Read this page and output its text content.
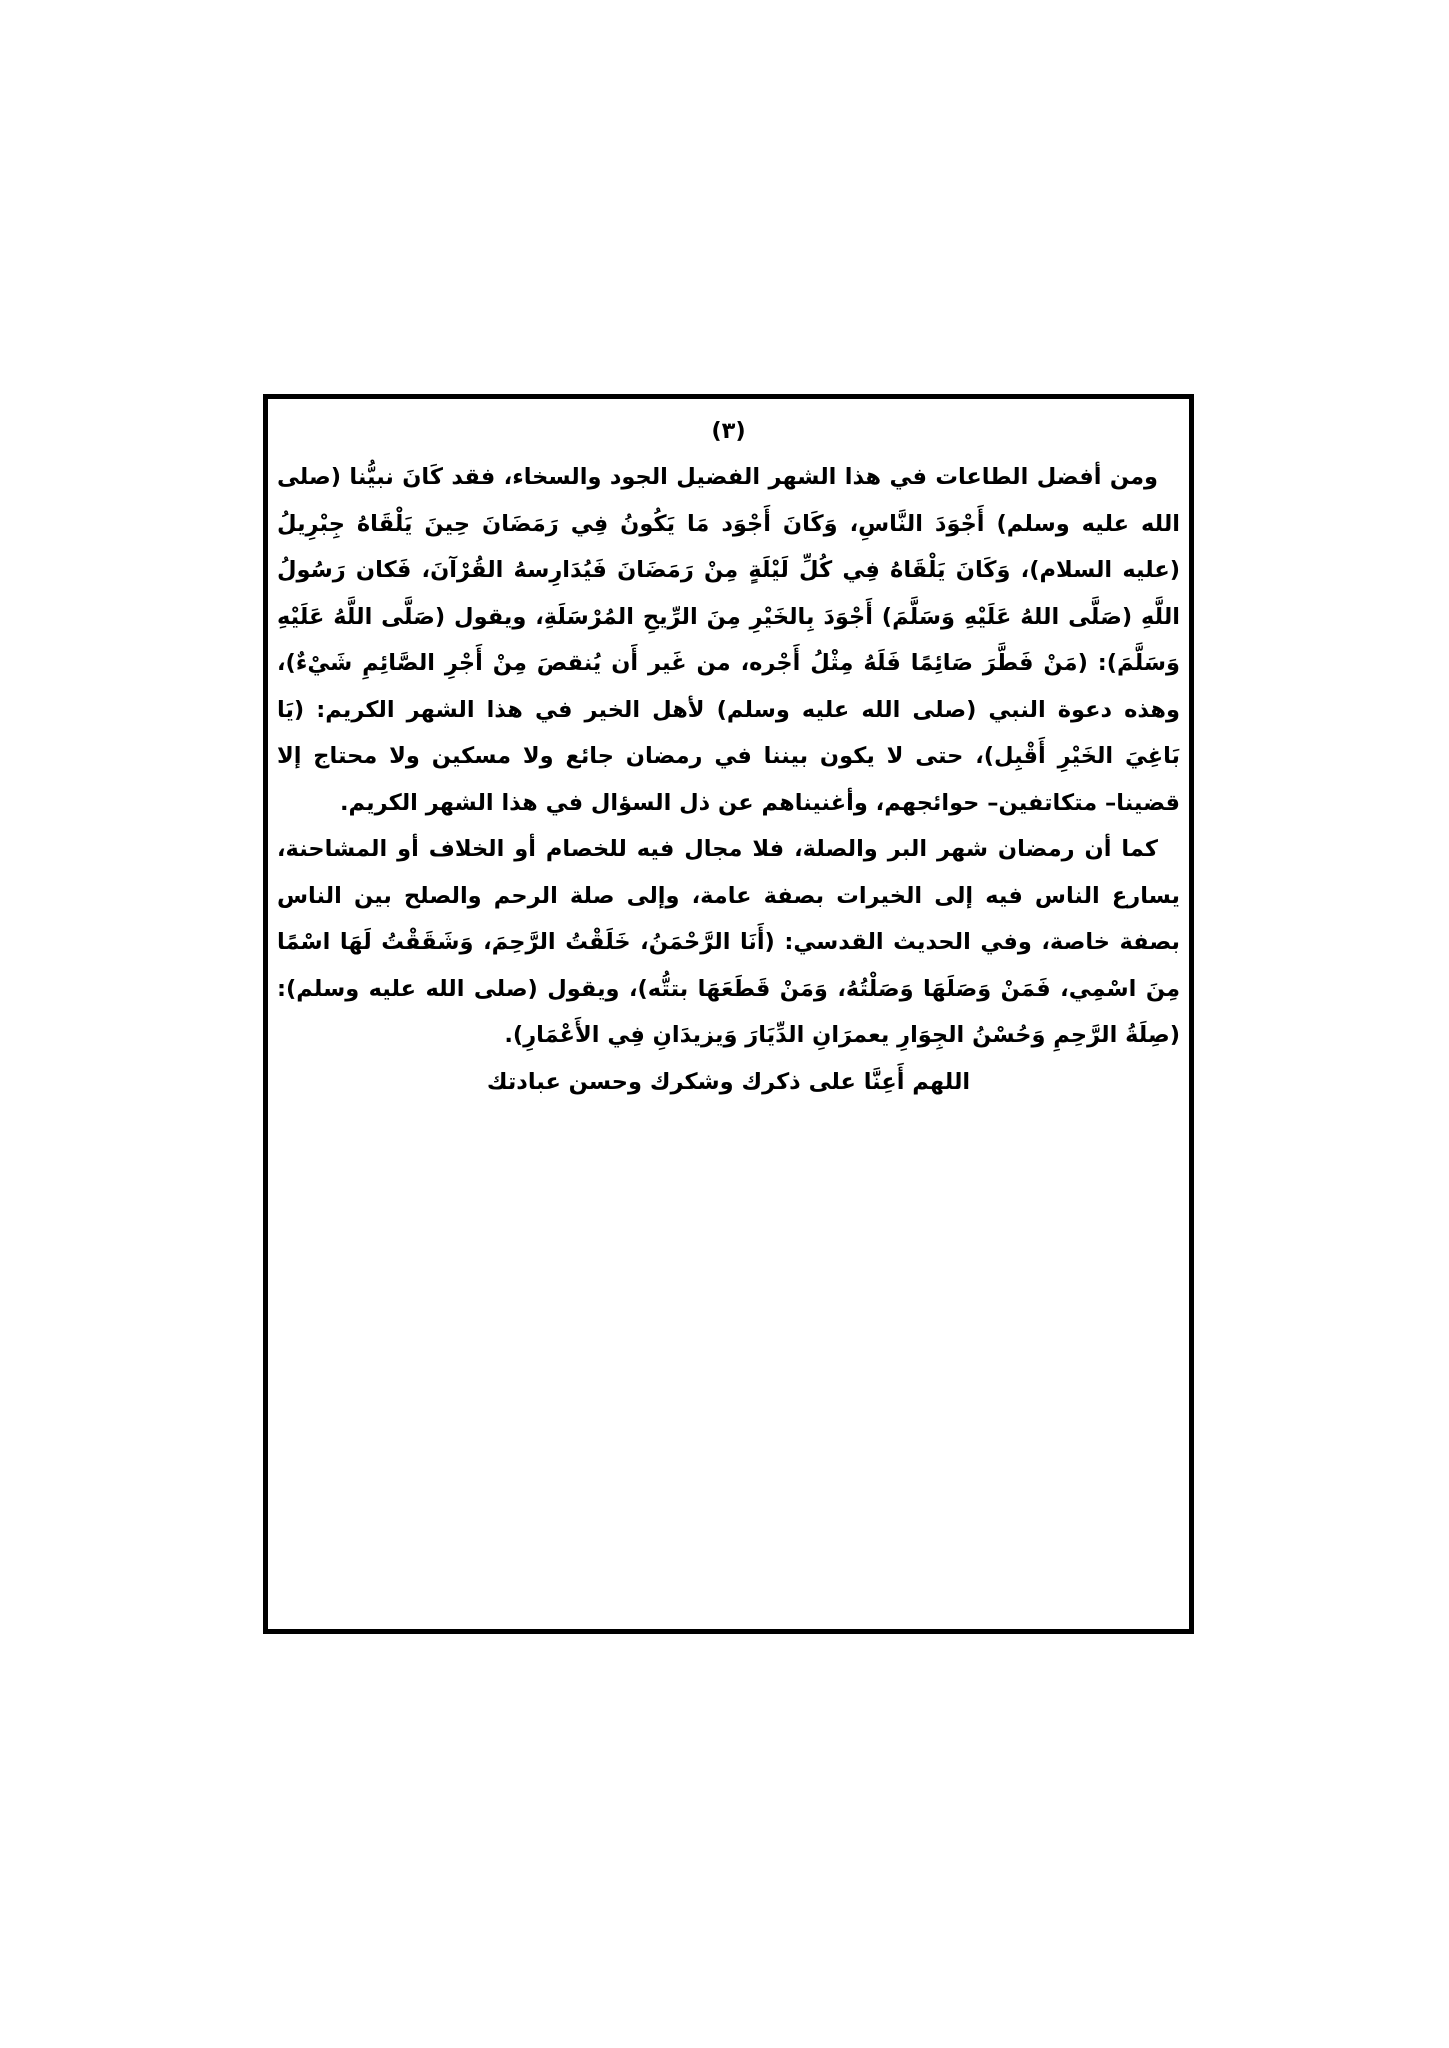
(٣)

ومن أفضل الطاعات في هذا الشهر الفضيل الجود والسخاء، فقد كَانَ نبيُّنا (صلى الله عليه وسلم) أَجْوَدَ النَّاسِ، وَكَانَ أَجْوَد مَا يَكُونُ فِي رَمَضَانَ حِينَ يَلْقَاهُ جِبْرِيلُ (عليه السلام)، وَكَانَ يَلْقَاهُ فِي كُلِّ لَيْلَةٍ مِنْ رَمَضَانَ فَيُدَارِسهُ القُرْآنَ، فَكان رَسُولُ اللَّهِ (صَلَّى اللهُ عَلَيْهِ وَسَلَّمَ) أَجْوَدَ بِالخَيْرِ مِنَ الرِّيحِ المُرْسَلَةِ، ويقول (صَلَّى اللَّهُ عَلَيْهِ وَسَلَّمَ): (مَنْ فَطَّرَ صَائِمًا فَلَهُ مِثْلُ أَجْره، من غَير أَن يُنقصَ مِنْ أَجْرِ الصَّائِمِ شَيْءٌ)، وهذه دعوة النبي (صلى الله عليه وسلم) لأهل الخير في هذا الشهر الكريم: (يَا بَاغِيَ الخَيْرِ أَقْبِل)، حتى لا يكون بيننا في رمضان جائع ولا مسكين ولا محتاج إلا قضينا– متكاتفين– حوائجهم، وأغنيناهم عن ذل السؤال في هذا الشهر الكريم.

كما أن رمضان شهر البر والصلة، فلا مجال فيه للخصام أو الخلاف أو المشاحنة، يسارع الناس فيه إلى الخيرات بصفة عامة، وإلى صلة الرحم والصلح بين الناس بصفة خاصة، وفي الحديث القدسي: (أَنَا الرَّحْمَنُ، خَلَقْتُ الرَّحِمَ، وَشَقَقْتُ لَهَا اسْمًا مِنَ اسْمِي، فَمَنْ وَصَلَهَا وَصَلْتُهُ، وَمَنْ قَطَعَهَا بتتُّه)، ويقول (صلى الله عليه وسلم): (صِلَةُ الرَّحِمِ وَحُسْنُ الجِوَارِ يعمرَانِ الدِّيَارَ وَيزيدَانِ فِي الأَعْمَارِ).

اللهم أَعِنَّا على ذكرك وشكرك وحسن عبادتك
